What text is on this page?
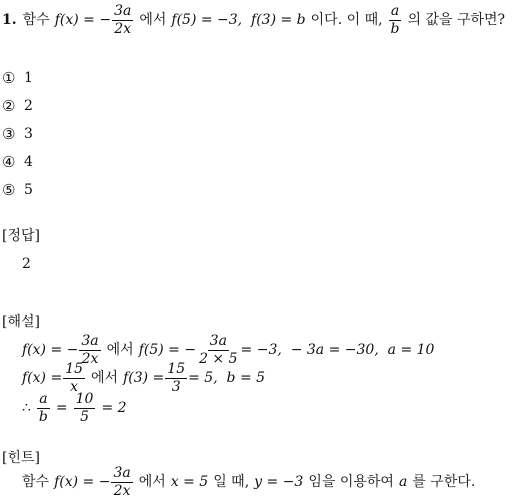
1. 함수 f(x) = − $\frac{3a}{2x}$ 에서 f(5) = −3,  f(3) = b 이다. 이 때, $\frac{a}{b}$ 의 값을 구하면?
① 1
② 2
③ 3
④ 4
⑤ 5
[정답]
2
[해설]
f(x) = − $\frac{3a}{2x}$ 에서 f(5) = − $\frac{3a}{2 \times 5} = -3$,  − 3a = −30,  a = 10
$f(x) = \frac{15}{x}$ 에서 $f(3) = \frac{15}{3} = 5$,  b = 5
∴ $\frac{a}{b} = \frac{10}{5} = 2$
[힌트]
함수 f(x) = − $\frac{3a}{2x}$ 에서 x = 5 일 때, y = −3 임을 이용하여 a 를 구한다.
